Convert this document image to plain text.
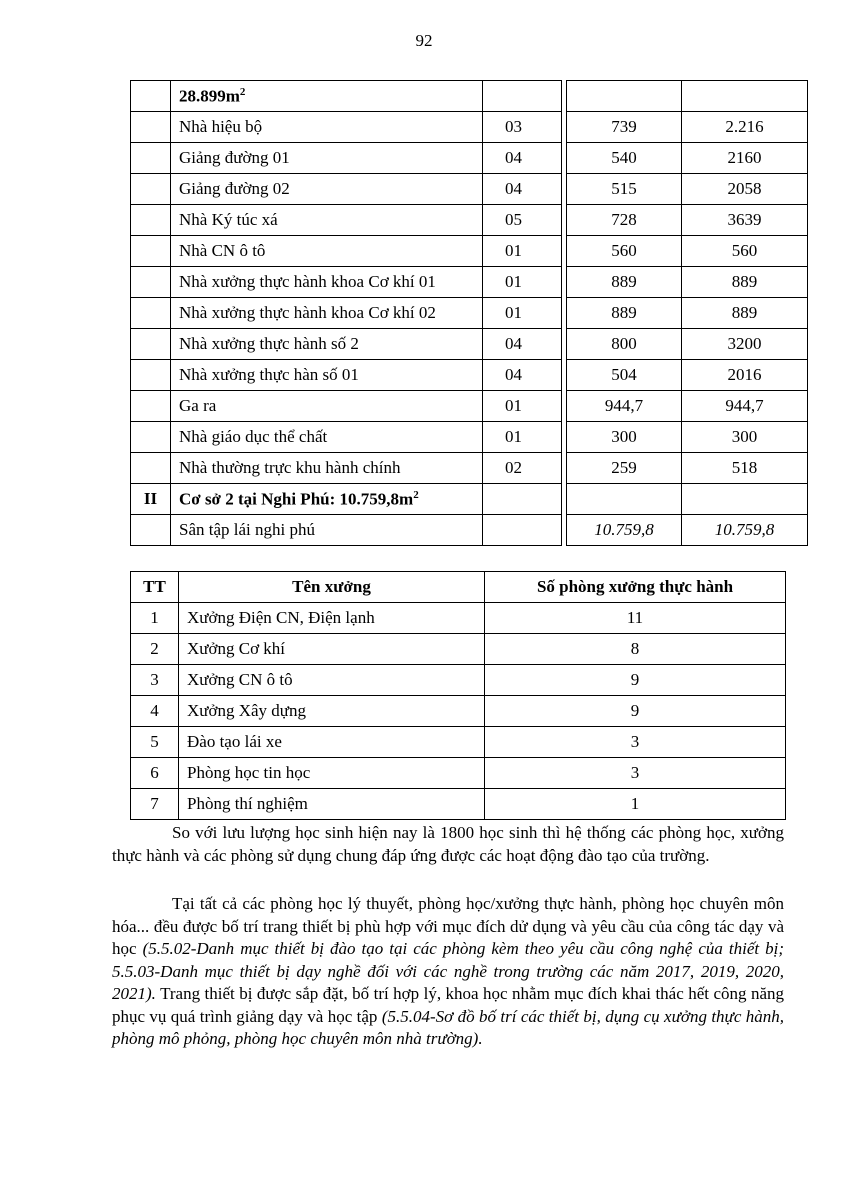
92
	$28.899m^2$				
	Nhà hiệu bộ	03		739	2.216
	Giảng đường 01	04		540	2160
	Giảng đường 02	04		515	2058
	Nhà Ký túc xá	05		728	3639
	Nhà CN ô tô	01		560	560
	Nhà xưởng thực hành khoa Cơ khí 01	01		889	889
	Nhà xưởng thực hành khoa Cơ khí 02	01		889	889
	Nhà xưởng thực hành số 2	04		800	3200
	Nhà xưởng thực hàn số 01	04		504	2016
	Ga ra	01		944,7	944,7
	Nhà giáo dục thể chất	01		300	300
	Nhà thường trực khu hành chính	02		259	518
II	Cơ sở 2 tại Nghi Phú: $10.759,8m^2$				
	Sân tập lái nghi phú			10.759,8	10.759,8
TT	Tên xưởng	Số phòng xưởng thực hành
1	Xưởng Điện CN, Điện lạnh	11
2	Xưởng Cơ khí	8
3	Xưởng CN ô tô	9
4	Xưởng Xây dựng	9
5	Đào tạo lái xe	3
6	Phòng học tin học	3
7	Phòng thí nghiệm	1
So với lưu lượng học sinh hiện nay là 1800 học sinh thì hệ thống các phòng học, xưởng thực hành và các phòng sử dụng chung đáp ứng được các hoạt động đào tạo của trường.
Tại tất cả các phòng học lý thuyết, phòng học/xưởng thực hành, phòng học chuyên môn hóa... đều được bố trí trang thiết bị phù hợp với mục đích dử dụng và yêu cầu của công tác dạy và học (5.5.02-Danh mục thiết bị đào tạo tại các phòng kèm theo yêu cầu công nghệ của thiết bị; 5.5.03-Danh mục thiết bị dạy nghề đối với các nghề trong trường các năm 2017, 2019, 2020, 2021). Trang thiết bị được sắp đặt, bố trí hợp lý, khoa học nhằm mục đích khai thác hết công năng phục vụ quá trình giảng dạy và học tập (5.5.04-Sơ đồ bố trí các thiết bị, dụng cụ xưởng thực hành, phòng mô phỏng, phòng học chuyên môn nhà trường).
